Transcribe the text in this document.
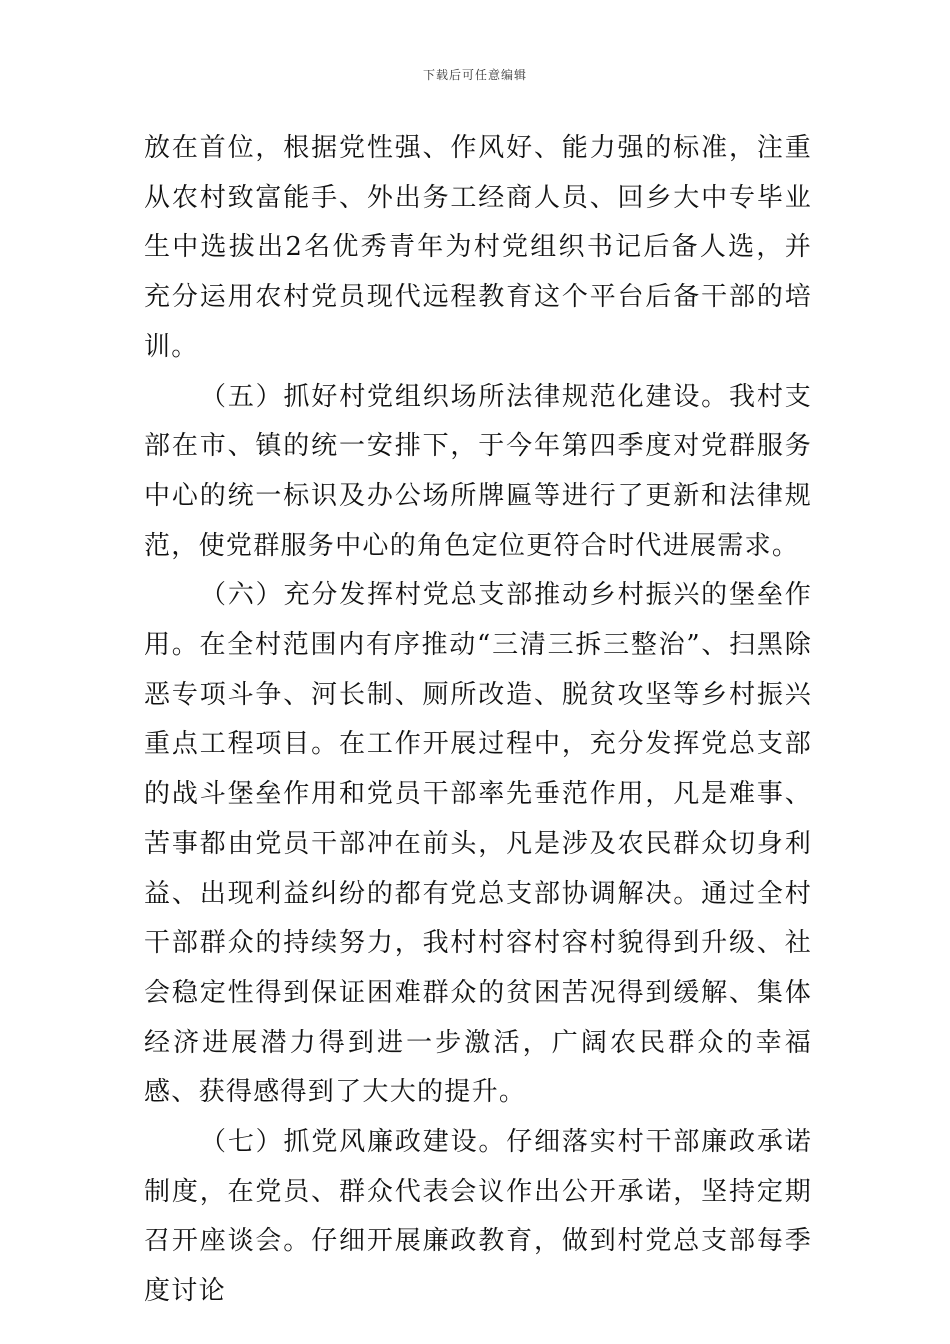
下载后可任意编辑

放在首位，根据党性强、作风好、能力强的标准，注重从农村致富能手、外出务工经商人员、回乡大中专毕业生中选拔出2名优秀青年为村党组织书记后备人选，并充分运用农村党员现代远程教育这个平台后备干部的培训。

（五）抓好村党组织场所法律规范化建设。我村支部在市、镇的统一安排下，于今年第四季度对党群服务中心的统一标识及办公场所牌匾等进行了更新和法律规范，使党群服务中心的角色定位更符合时代进展需求。

（六）充分发挥村党总支部推动乡村振兴的堡垒作用。在全村范围内有序推动“三清三拆三整治”、扫黑除恶专项斗争、河长制、厕所改造、脱贫攻坚等乡村振兴重点工程项目。在工作开展过程中，充分发挥党总支部的战斗堡垒作用和党员干部率先垂范作用，凡是难事、苦事都由党员干部冲在前头，凡是涉及农民群众切身利益、出现利益纠纷的都有党总支部协调解决。通过全村干部群众的持续努力，我村村容村容村貌得到升级、社会稳定性得到保证困难群众的贫困苦况得到缓解、集体经济进展潜力得到进一步激活，广阔农民群众的幸福感、获得感得到了大大的提升。

（七）抓党风廉政建设。仔细落实村干部廉政承诺制度，在党员、群众代表会议作出公开承诺，坚持定期召开座谈会。仔细开展廉政教育，做到村党总支部每季度讨论
